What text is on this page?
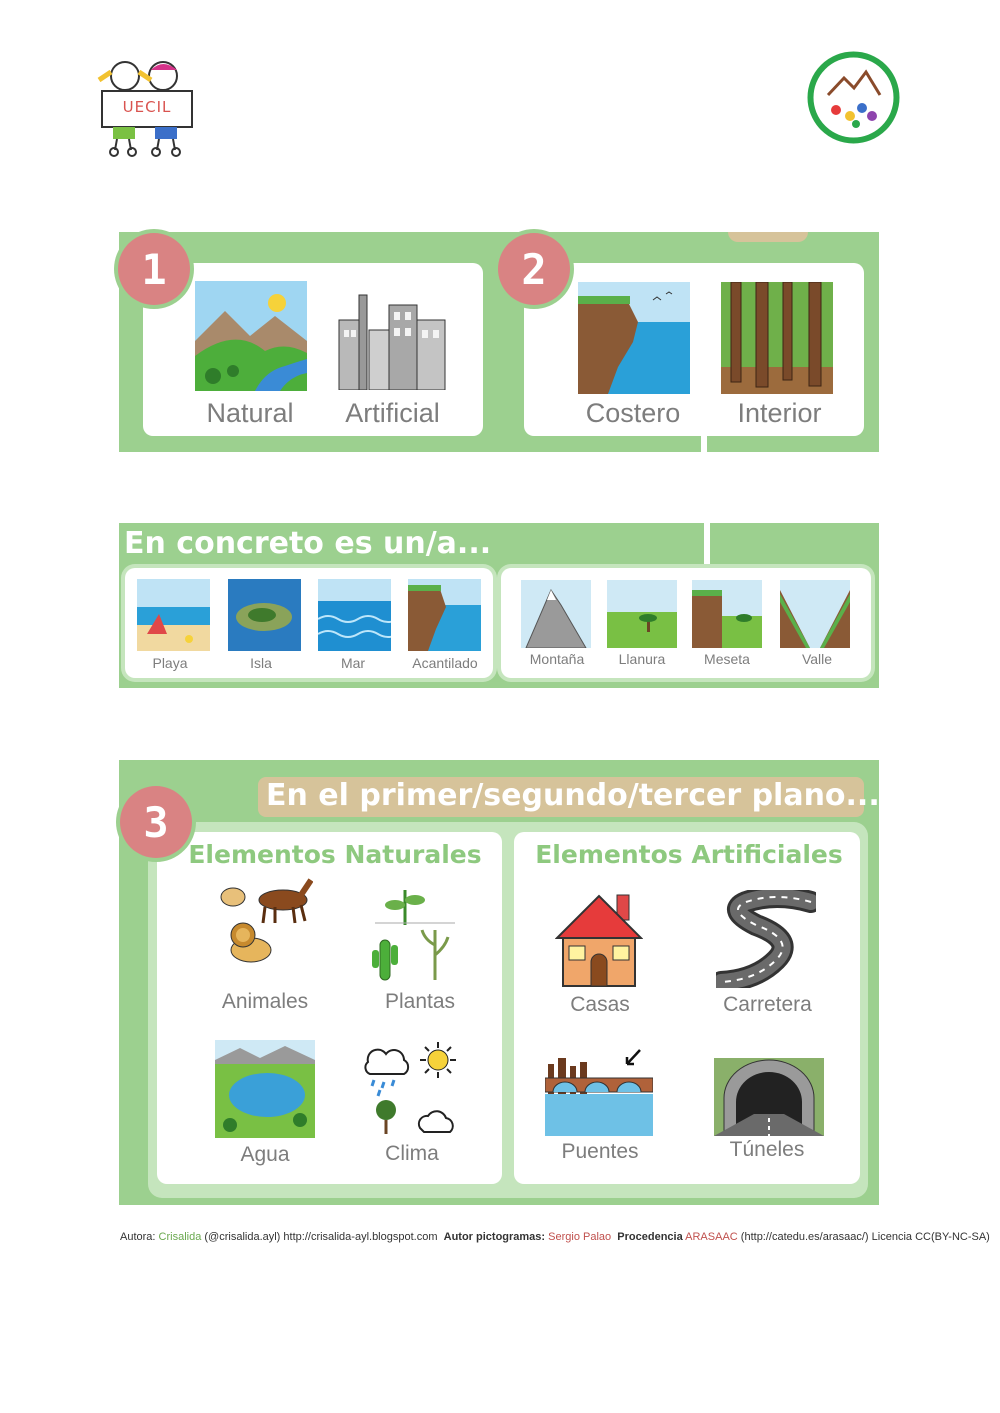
UECIL
1	2
Natural	Artificial	Costero	Interior
En concreto es un/a...
Playa	Isla	Mar	Acantilado	Montaña	Llanura	Meseta	Valle
En el primer/segundo/tercer plano...
3
Elementos Naturales	Elementos Artificiales
Animales	Plantas
Agua	Clima
Casas	Carretera
Puentes	Túneles
Autora: Crisalida (@crisalida.ayl) http://crisalida-ayl.blogspot.com Autor pictogramas: Sergio Palao Procedencia ARASAAC (http://catedu.es/arasaac/) Licencia CC(BY-NC-SA)
